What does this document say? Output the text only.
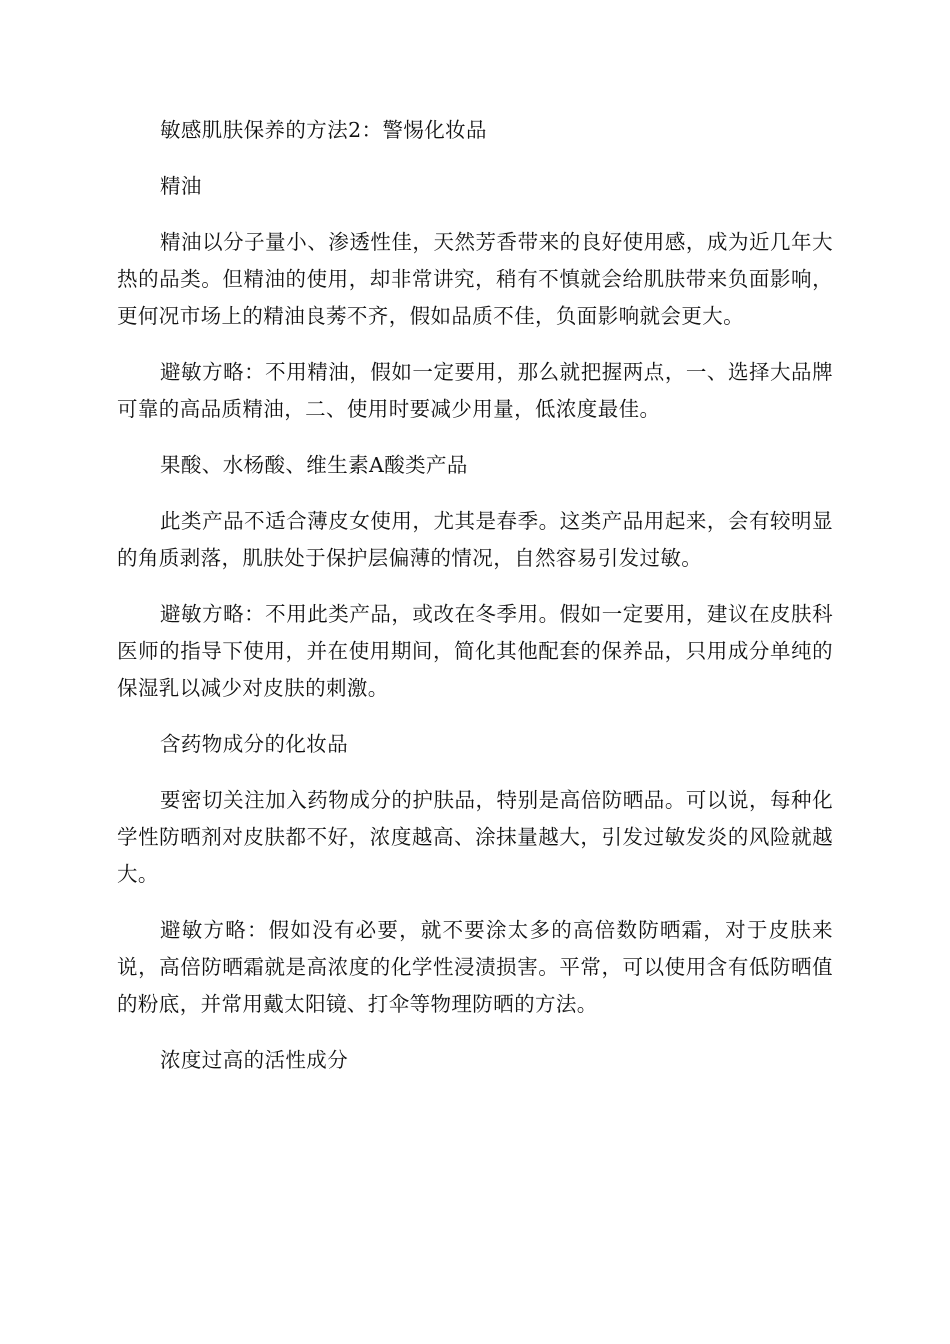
敏感肌肤保养的方法2：警惕化妆品

精油

精油以分子量小、渗透性佳，天然芳香带来的良好使用感，成为近几年大热的品类。但精油的使用，却非常讲究，稍有不慎就会给肌肤带来负面影响，更何况市场上的精油良莠不齐，假如品质不佳，负面影响就会更大。

避敏方略：不用精油，假如一定要用，那么就把握两点，一、选择大品牌可靠的高品质精油，二、使用时要减少用量，低浓度最佳。

果酸、水杨酸、维生素A酸类产品

此类产品不适合薄皮女使用，尤其是春季。这类产品用起来，会有较明显的角质剥落，肌肤处于保护层偏薄的情况，自然容易引发过敏。

避敏方略：不用此类产品，或改在冬季用。假如一定要用，建议在皮肤科医师的指导下使用，并在使用期间，简化其他配套的保养品，只用成分单纯的保湿乳以减少对皮肤的刺激。

含药物成分的化妆品

要密切关注加入药物成分的护肤品，特别是高倍防晒品。可以说，每种化学性防晒剂对皮肤都不好，浓度越高、涂抹量越大，引发过敏发炎的风险就越大。

避敏方略：假如没有必要，就不要涂太多的高倍数防晒霜，对于皮肤来说，高倍防晒霜就是高浓度的化学性浸渍损害。平常，可以使用含有低防晒值的粉底，并常用戴太阳镜、打伞等物理防晒的方法。

浓度过高的活性成分
